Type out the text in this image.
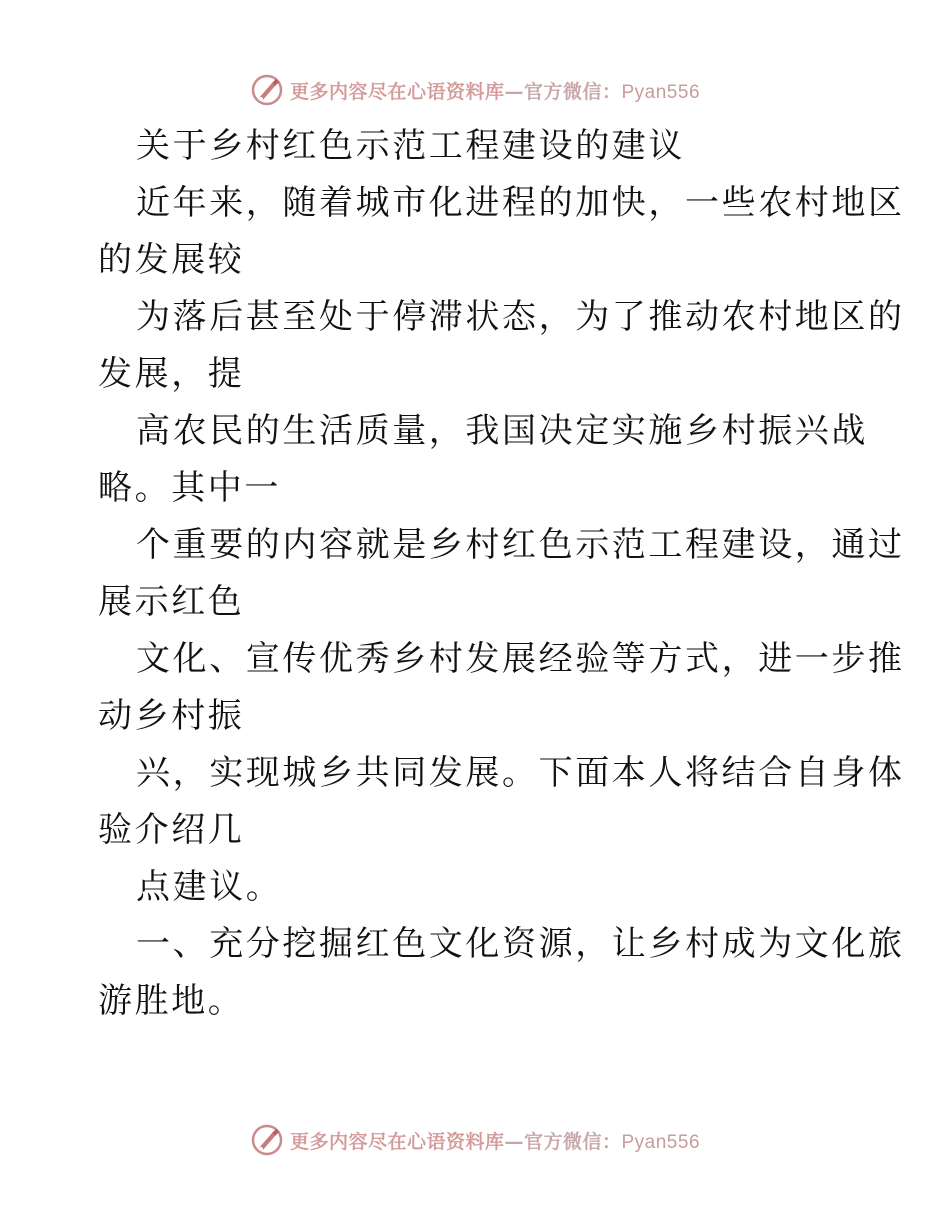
更多内容尽在心语资料库—官方微信：Pyan556
关于乡村红色示范工程建设的建议
近年来，随着城市化进程的加快，一些农村地区
的发展较
为落后甚至处于停滞状态，为了推动农村地区的
发展，提
高农民的生活质量，我国决定实施乡村振兴战
略。其中一
个重要的内容就是乡村红色示范工程建设，通过
展示红色
文化、宣传优秀乡村发展经验等方式，进一步推
动乡村振
兴，实现城乡共同发展。下面本人将结合自身体
验介绍几
点建议。
一、充分挖掘红色文化资源，让乡村成为文化旅
游胜地。
更多内容尽在心语资料库—官方微信：Pyan556
